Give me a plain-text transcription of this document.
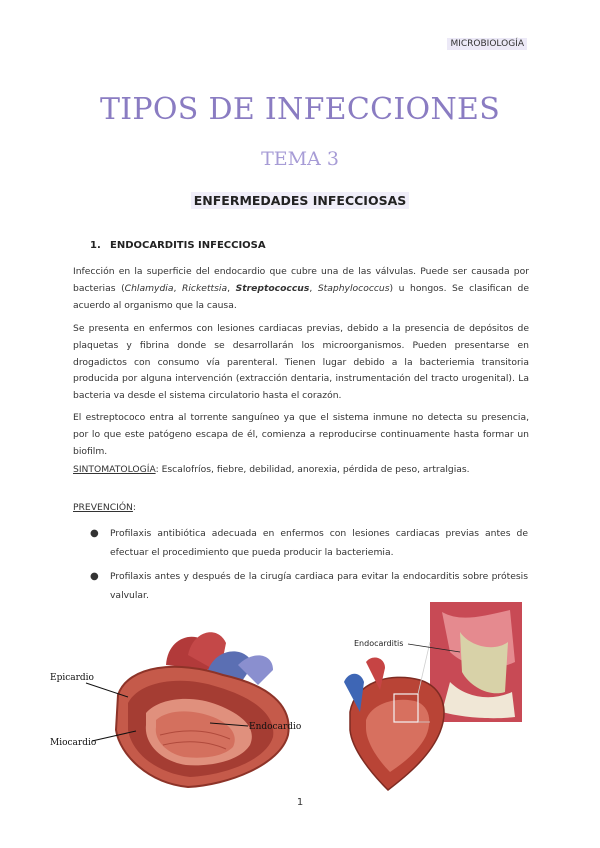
MICROBIOLOGÍA
TIPOS DE INFECCIONES
TEMA 3
ENFERMEDADES INFECCIOSAS
1. ENDOCARDITIS INFECCIOSA
Infección en la superficie del endocardio que cubre una de las válvulas. Puede ser causada por bacterias (Chlamydia, Rickettsia, Streptococcus, Staphylococcus) u hongos. Se clasifican de acuerdo al organismo que la causa.
Se presenta en enfermos con lesiones cardiacas previas, debido a la presencia de depósitos de plaquetas y fibrina donde se desarrollarán los microorganismos. Pueden presentarse en drogadictos con consumo vía parenteral. Tienen lugar debido a la bacteriemia transitoria producida por alguna intervención (extracción dentaria, instrumentación del tracto urogenital). La bacteria va desde el sistema circulatorio hasta el corazón.
El estreptococo entra al torrente sanguíneo ya que el sistema inmune no detecta su presencia, por lo que este patógeno escapa de él, comienza a reproducirse continuamente hasta formar un biofilm.
SINTOMATOLOGÍA: Escalofríos, fiebre, debilidad, anorexia, pérdida de peso, artralgias.
PREVENCIÓN:
●	Profilaxis antibiótica adecuada en enfermos con lesiones cardiacas previas antes de efectuar el procedimiento que pueda producir la bacteriemia.
●	Profilaxis antes y después de la cirugía cardiaca para evitar la endocarditis sobre prótesis valvular.
Epicardio
Miocardio
Endocardio
Endocarditis
1
